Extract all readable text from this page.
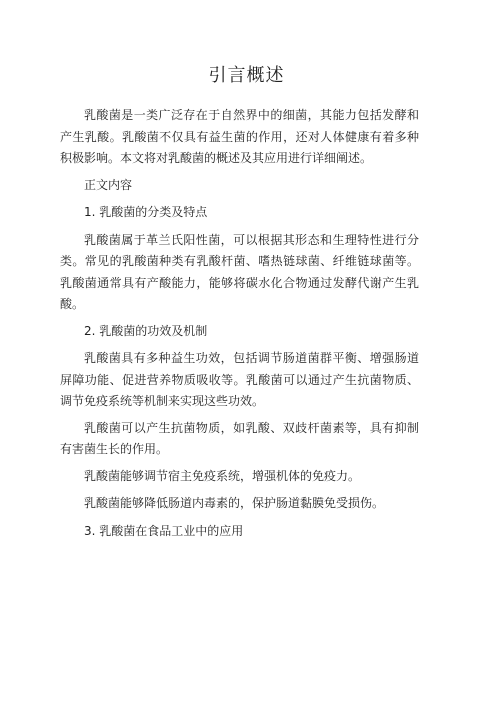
引言概述

乳酸菌是一类广泛存在于自然界中的细菌，其能力包括发酵和产生乳酸。乳酸菌不仅具有益生菌的作用，还对人体健康有着多种积极影响。本文将对乳酸菌的概述及其应用进行详细阐述。

正文内容

1. 乳酸菌的分类及特点

乳酸菌属于革兰氏阳性菌，可以根据其形态和生理特性进行分类。常见的乳酸菌种类有乳酸杆菌、嗜热链球菌、纤维链球菌等。乳酸菌通常具有产酸能力，能够将碳水化合物通过发酵代谢产生乳酸。

2. 乳酸菌的功效及机制

乳酸菌具有多种益生功效，包括调节肠道菌群平衡、增强肠道屏障功能、促进营养物质吸收等。乳酸菌可以通过产生抗菌物质、调节免疫系统等机制来实现这些功效。

乳酸菌可以产生抗菌物质，如乳酸、双歧杆菌素等，具有抑制有害菌生长的作用。

乳酸菌能够调节宿主免疫系统，增强机体的免疫力。

乳酸菌能够降低肠道内毒素的，保护肠道黏膜免受损伤。

3. 乳酸菌在食品工业中的应用
